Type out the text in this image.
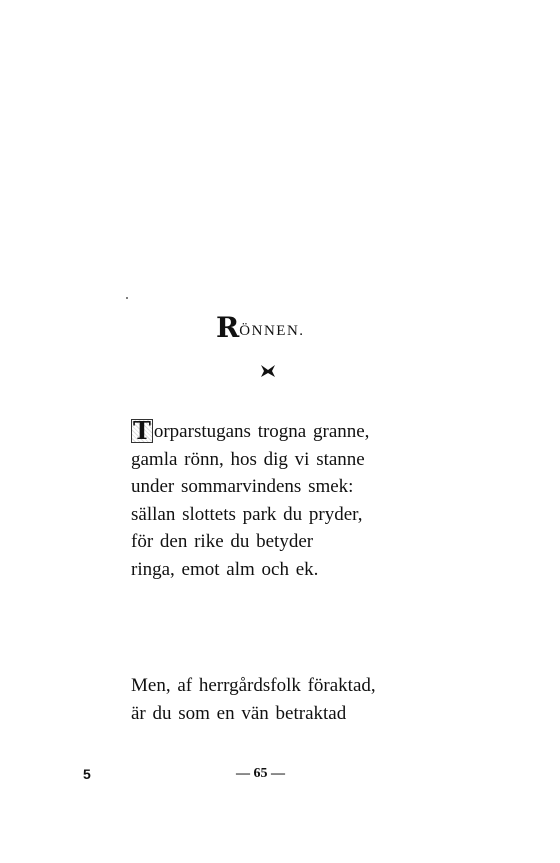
R ÖNNEN.
T orparstugans trogna granne,
gamla rönn, hos dig vi stanne
under sommarvindens smek:
sällan slottets park du pryder,
för den rike du betyder
ringa, emot alm och ek.
Men, af herrgårdsfolk föraktad,
är du som en vän betraktad
5	— 65 —
